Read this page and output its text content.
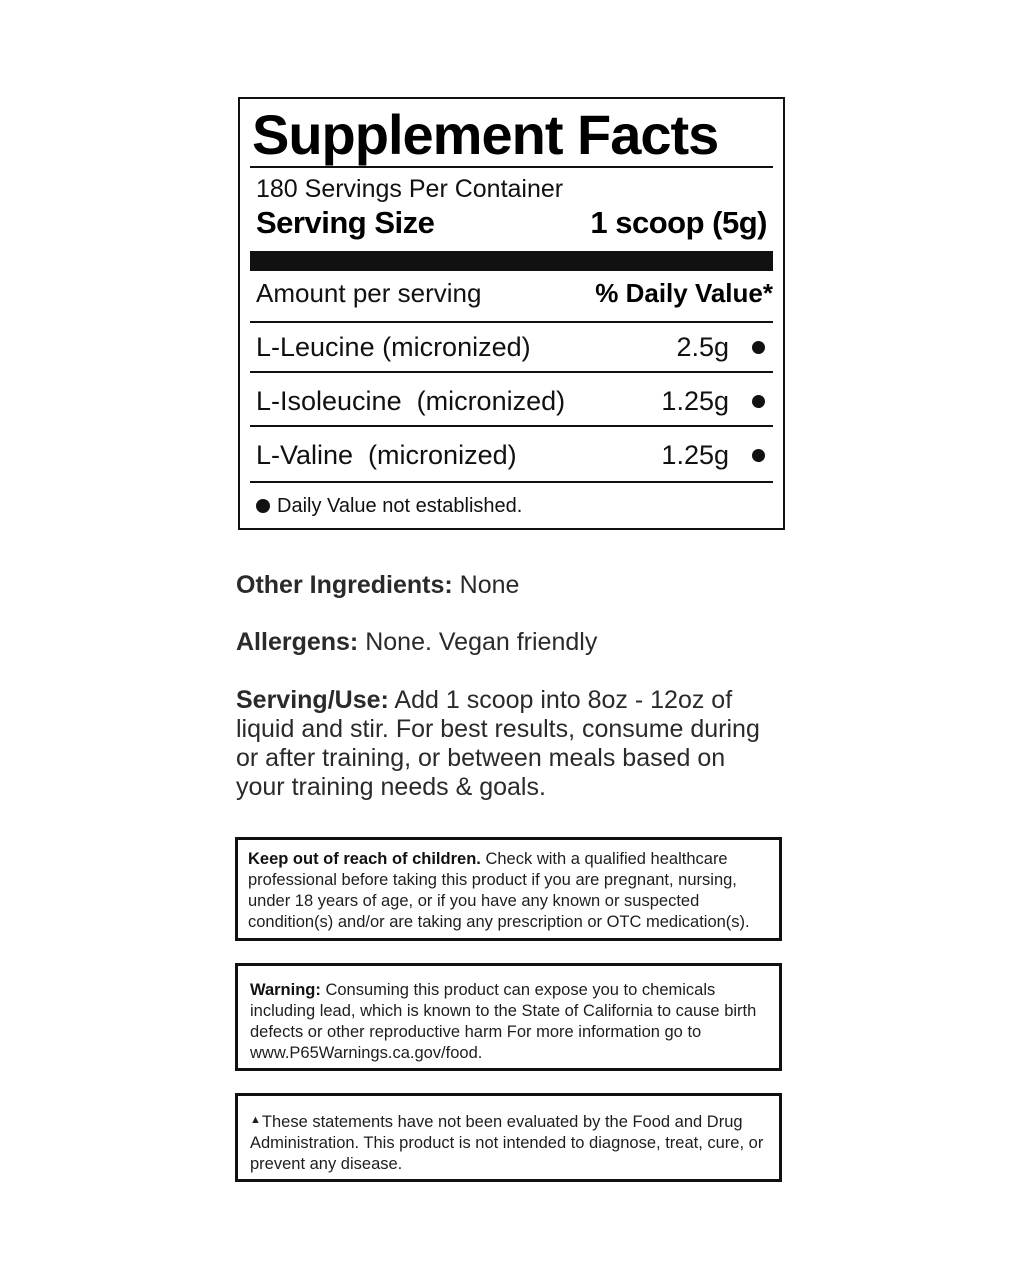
Supplement Facts
180 Servings Per Container
Serving Size	1 scoop (5g)
Amount per serving	% Daily Value*
L-Leucine (micronized)	2.5g
L-Isoleucine  (micronized)	1.25g
L-Valine  (micronized)	1.25g
Daily Value not established.
Other Ingredients: None
Allergens: None. Vegan friendly
Serving/Use: Add 1 scoop into 8oz - 12oz of liquid and stir. For best results, consume during or after training, or between meals based on your training needs & goals.
Keep out of reach of children. Check with a qualified healthcare professional before taking this product if you are pregnant, nursing, under 18 years of age, or if you have any known or suspected condition(s) and/or are taking any prescription or OTC medication(s).
Warning: Consuming this product can expose you to chemicals including lead, which is known to the State of California to cause birth defects or other reproductive harm For more information go to www.P65Warnings.ca.gov/food.
▲These statements have not been evaluated by the Food and Drug Administration. This product is not intended to diagnose, treat, cure, or prevent any disease.
